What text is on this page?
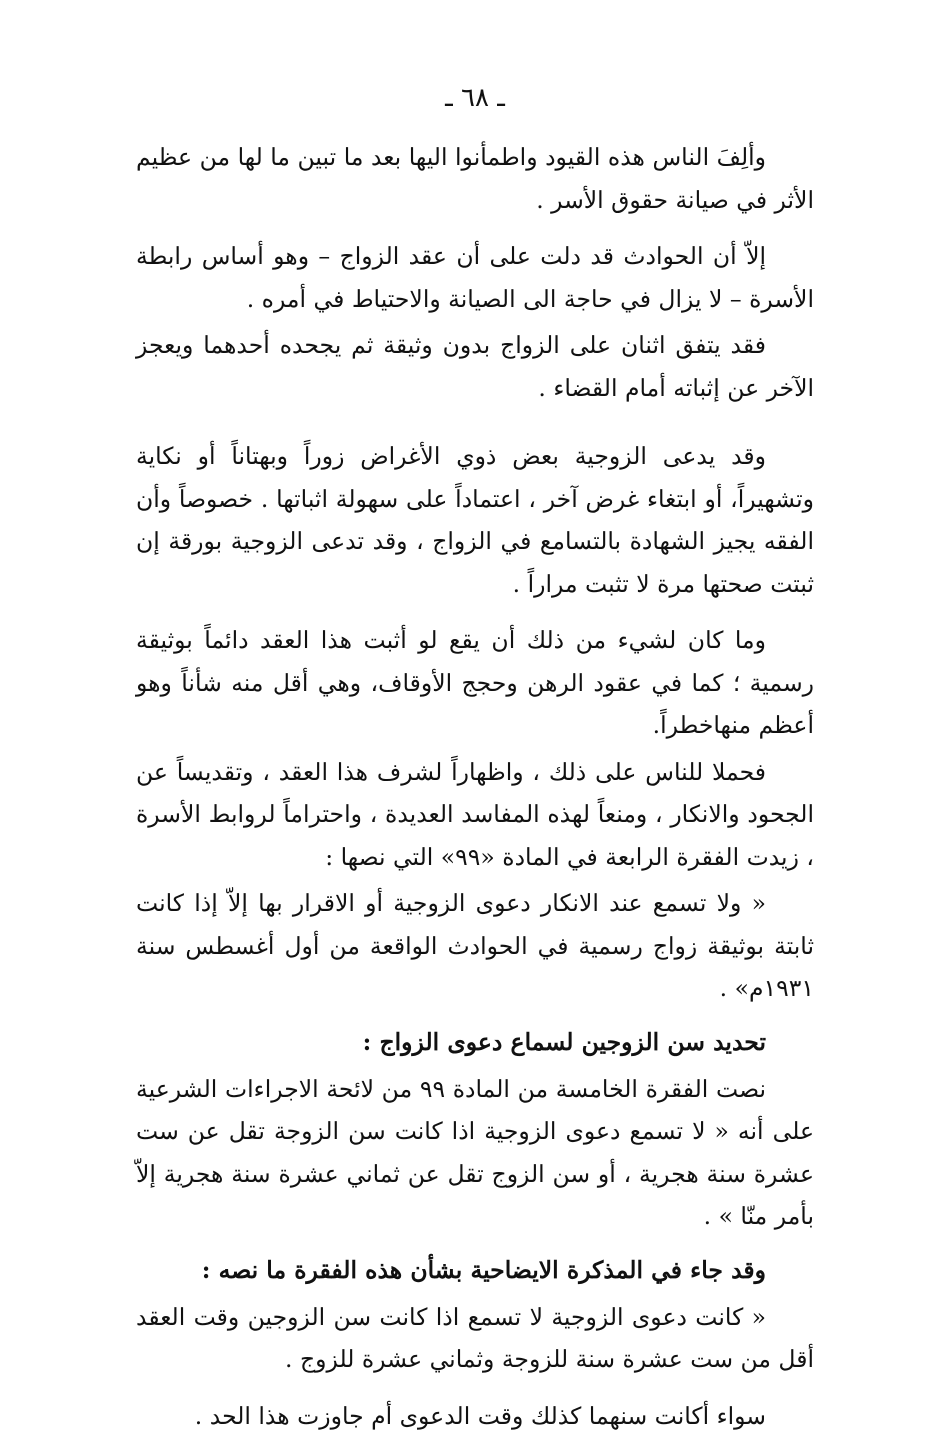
ـ ٦٨ ـ

وألِفَ الناس هذه القيود واطمأنوا اليها بعد ما تبين ما لها من عظيم الأثر في صيانة حقوق الأسر .

إلاّ أن الحوادث قد دلت على أن عقد الزواج – وهو أساس رابطة الأسرة – لا يزال في حاجة الى الصيانة والاحتياط في أمره .

فقد يتفق اثنان على الزواج بدون وثيقة ثم يجحده أحدهما ويعجز الآخر عن إثباته أمام القضاء .

وقد يدعى الزوجية بعض ذوي الأغراض زوراً وبهتاناً أو نكاية وتشهيراً، أو ابتغاء غرض آخر ، اعتماداً على سهولة اثباتها . خصوصاً وأن الفقه يجيز الشهادة بالتسامع في الزواج ، وقد تدعى الزوجية بورقة إن ثبتت صحتها مرة لا تثبت مراراً .

وما كان لشيء من ذلك أن يقع لو أثبت هذا العقد دائماً بوثيقة رسمية ؛ كما في عقود الرهن وحجج الأوقاف، وهي أقل منه شأناً وهو أعظم منهاخطراً.

فحملا للناس على ذلك ، واظهاراً لشرف هذا العقد ، وتقديساً عن الجحود والانكار ، ومنعاً لهذه المفاسد العديدة ، واحتراماً لروابط الأسرة ، زيدت الفقرة الرابعة في المادة «٩٩» التي نصها :

« ولا تسمع عند الانكار دعوى الزوجية أو الاقرار بها إلاّ إذا كانت ثابتة بوثيقة زواج رسمية في الحوادث الواقعة من أول أغسطس سنة ١٩٣١م» .

تحديد سن الزوجين لسماع دعوى الزواج :

نصت الفقرة الخامسة من المادة ٩٩ من لائحة الاجراءات الشرعية على أنه « لا تسمع دعوى الزوجية اذا كانت سن الزوجة تقل عن ست عشرة سنة هجرية ، أو سن الزوج تقل عن ثماني عشرة سنة هجرية إلاّ بأمر منّا » .

وقد جاء في المذكرة الايضاحية بشأن هذه الفقرة ما نصه :

« كانت دعوى الزوجية لا تسمع اذا كانت سن الزوجين وقت العقد أقل من ست عشرة سنة للزوجة وثماني عشرة للزوج .

سواء أكانت سنهما كذلك وقت الدعوى أم جاوزت هذا الحد .
